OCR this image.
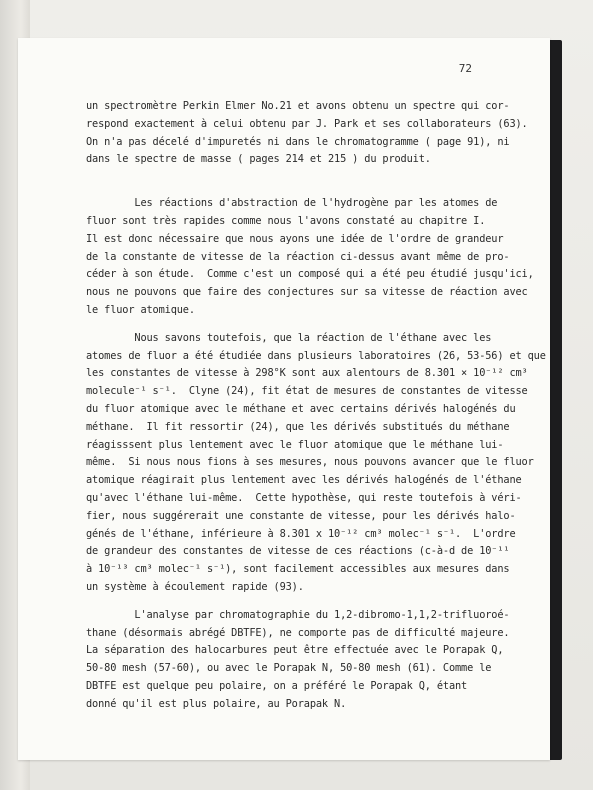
72
un spectromètre Perkin Elmer No.21 et avons obtenu un spectre qui cor-
respond exactement à celui obtenu par J. Park et ses collaborateurs (63).
On n'a pas décelé d'impuretés ni dans le chromatogramme ( page 91), ni
dans le spectre de masse ( pages 214 et 215 ) du produit.
Les réactions d'abstraction de l'hydrogène par les atomes de
fluor sont très rapides comme nous l'avons constaté au chapitre I.
Il est donc nécessaire que nous ayons une idée de l'ordre de grandeur
de la constante de vitesse de la réaction ci-dessus avant même de pro-
céder à son étude.  Comme c'est un composé qui a été peu étudié jusqu'ici,
nous ne pouvons que faire des conjectures sur sa vitesse de réaction avec
le fluor atomique.
Nous savons toutefois, que la réaction de l'éthane avec les
atomes de fluor a été étudiée dans plusieurs laboratoires (26, 53-56) et que
les constantes de vitesse à 298°K sont aux alentours de 8.301 × 10⁻¹² cm³
molecule⁻¹ s⁻¹.  Clyne (24), fit état de mesures de constantes de vitesse
du fluor atomique avec le méthane et avec certains dérivés halogénés du
méthane.  Il fit ressortir (24), que les dérivés substitués du méthane
réagisssent plus lentement avec le fluor atomique que le méthane lui-
même.  Si nous nous fions à ses mesures, nous pouvons avancer que le fluor
atomique réagirait plus lentement avec les dérivés halogénés de l'éthane
qu'avec l'éthane lui-même.  Cette hypothèse, qui reste toutefois à véri-
fier, nous suggérerait une constante de vitesse, pour les dérivés halo-
génés de l'éthane, inférieure à 8.301 x 10⁻¹² cm³ molec⁻¹ s⁻¹.  L'ordre
de grandeur des constantes de vitesse de ces réactions (c-à-d de 10⁻¹¹
à 10⁻¹³ cm³ molec⁻¹ s⁻¹), sont facilement accessibles aux mesures dans
un système à écoulement rapide (93).
L'analyse par chromatographie du 1,2-dibromo-1,1,2-trifluoroé-
thane (désormais abrégé DBTFE), ne comporte pas de difficulté majeure.
La séparation des halocarbures peut être effectuée avec le Porapak Q,
50-80 mesh (57-60), ou avec le Porapak N, 50-80 mesh (61). Comme le
DBTFE est quelque peu polaire, on a préféré le Porapak Q, étant
donné qu'il est plus polaire, au Porapak N.
